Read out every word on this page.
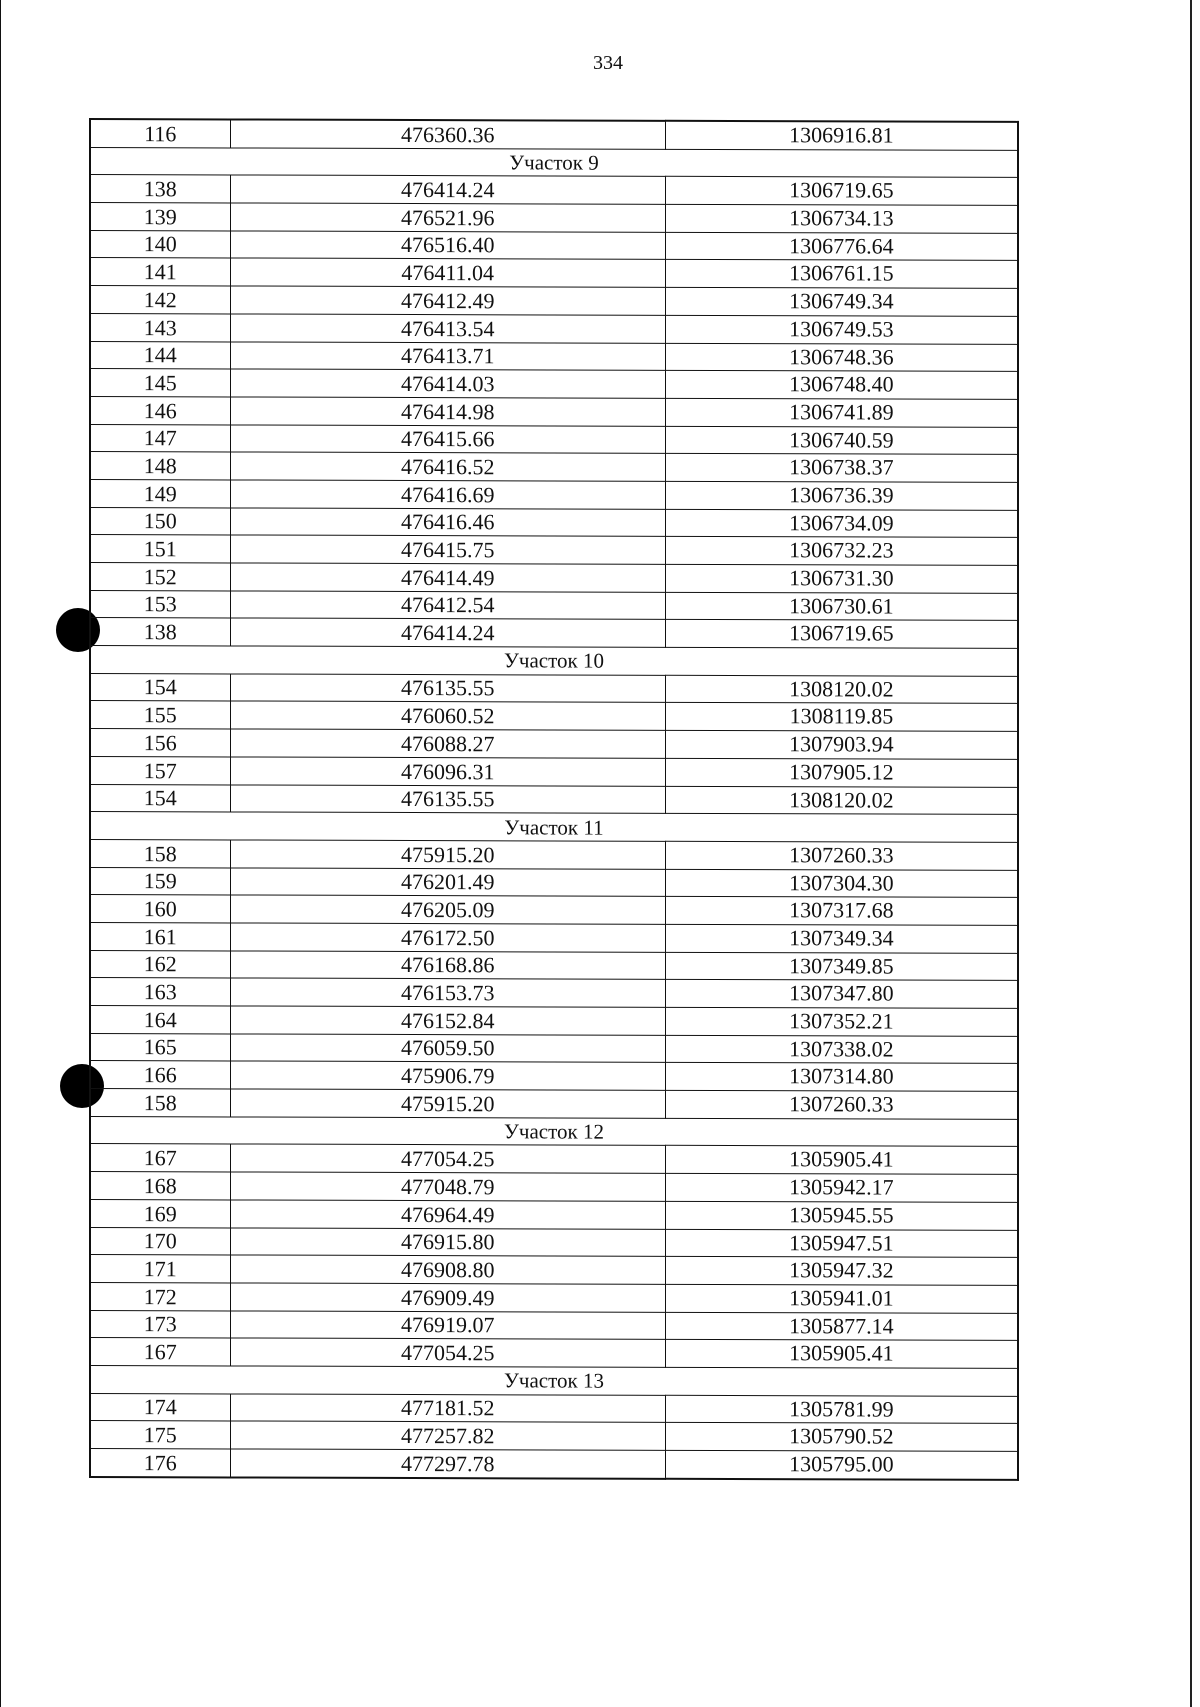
334
116	476360.36	1306916.81
Участок 9		
138	476414.24	1306719.65
139	476521.96	1306734.13
140	476516.40	1306776.64
141	476411.04	1306761.15
142	476412.49	1306749.34
143	476413.54	1306749.53
144	476413.71	1306748.36
145	476414.03	1306748.40
146	476414.98	1306741.89
147	476415.66	1306740.59
148	476416.52	1306738.37
149	476416.69	1306736.39
150	476416.46	1306734.09
151	476415.75	1306732.23
152	476414.49	1306731.30
153	476412.54	1306730.61
138	476414.24	1306719.65
Участок 10		
154	476135.55	1308120.02
155	476060.52	1308119.85
156	476088.27	1307903.94
157	476096.31	1307905.12
154	476135.55	1308120.02
Участок 11		
158	475915.20	1307260.33
159	476201.49	1307304.30
160	476205.09	1307317.68
161	476172.50	1307349.34
162	476168.86	1307349.85
163	476153.73	1307347.80
164	476152.84	1307352.21
165	476059.50	1307338.02
166	475906.79	1307314.80
158	475915.20	1307260.33
Участок 12		
167	477054.25	1305905.41
168	477048.79	1305942.17
169	476964.49	1305945.55
170	476915.80	1305947.51
171	476908.80	1305947.32
172	476909.49	1305941.01
173	476919.07	1305877.14
167	477054.25	1305905.41
Участок 13		
174	477181.52	1305781.99
175	477257.82	1305790.52
176	477297.78	1305795.00
